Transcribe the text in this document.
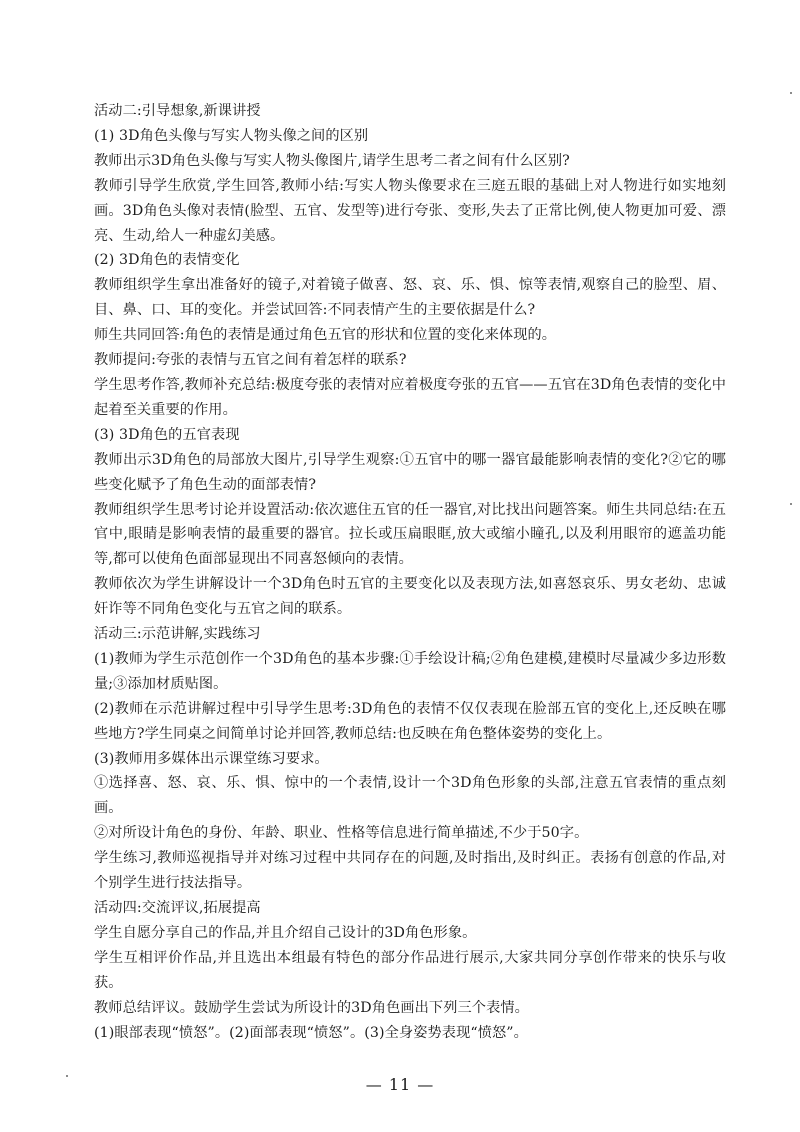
活动二:引导想象,新课讲授

(1) 3D角色头像与写实人物头像之间的区别

教师出示3D角色头像与写实人物头像图片,请学生思考二者之间有什么区别?

教师引导学生欣赏,学生回答,教师小结:写实人物头像要求在三庭五眼的基础上对人物进行如实地刻画。3D角色头像对表情(脸型、五官、发型等)进行夸张、变形,失去了正常比例,使人物更加可爱、漂亮、生动,给人一种虚幻美感。

(2) 3D角色的表情变化

教师组织学生拿出准备好的镜子,对着镜子做喜、怒、哀、乐、惧、惊等表情,观察自己的脸型、眉、目、鼻、口、耳的变化。并尝试回答:不同表情产生的主要依据是什么?

师生共同回答:角色的表情是通过角色五官的形状和位置的变化来体现的。

教师提问:夸张的表情与五官之间有着怎样的联系?

学生思考作答,教师补充总结:极度夸张的表情对应着极度夸张的五官——五官在3D角色表情的变化中起着至关重要的作用。

(3) 3D角色的五官表现

教师出示3D角色的局部放大图片,引导学生观察:①五官中的哪一器官最能影响表情的变化?②它的哪些变化赋予了角色生动的面部表情?

教师组织学生思考讨论并设置活动:依次遮住五官的任一器官,对比找出问题答案。师生共同总结:在五官中,眼睛是影响表情的最重要的器官。拉长或压扁眼眶,放大或缩小瞳孔,以及利用眼帘的遮盖功能等,都可以使角色面部显现出不同喜怒倾向的表情。

教师依次为学生讲解设计一个3D角色时五官的主要变化以及表现方法,如喜怒哀乐、男女老幼、忠诚奸诈等不同角色变化与五官之间的联系。

活动三:示范讲解,实践练习

(1)教师为学生示范创作一个3D角色的基本步骤:①手绘设计稿;②角色建模,建模时尽量减少多边形数量;③添加材质贴图。

(2)教师在示范讲解过程中引导学生思考:3D角色的表情不仅仅表现在脸部五官的变化上,还反映在哪些地方?学生同桌之间简单讨论并回答,教师总结:也反映在角色整体姿势的变化上。

(3)教师用多媒体出示课堂练习要求。

①选择喜、怒、哀、乐、惧、惊中的一个表情,设计一个3D角色形象的头部,注意五官表情的重点刻画。

②对所设计角色的身份、年龄、职业、性格等信息进行简单描述,不少于50字。

学生练习,教师巡视指导并对练习过程中共同存在的问题,及时指出,及时纠正。表扬有创意的作品,对个别学生进行技法指导。

活动四:交流评议,拓展提高

学生自愿分享自己的作品,并且介绍自己设计的3D角色形象。

学生互相评价作品,并且选出本组最有特色的部分作品进行展示,大家共同分享创作带来的快乐与收获。

教师总结评议。鼓励学生尝试为所设计的3D角色画出下列三个表情。

(1)眼部表现“愤怒”。(2)面部表现“愤怒”。(3)全身姿势表现“愤怒”。

— 11 —
